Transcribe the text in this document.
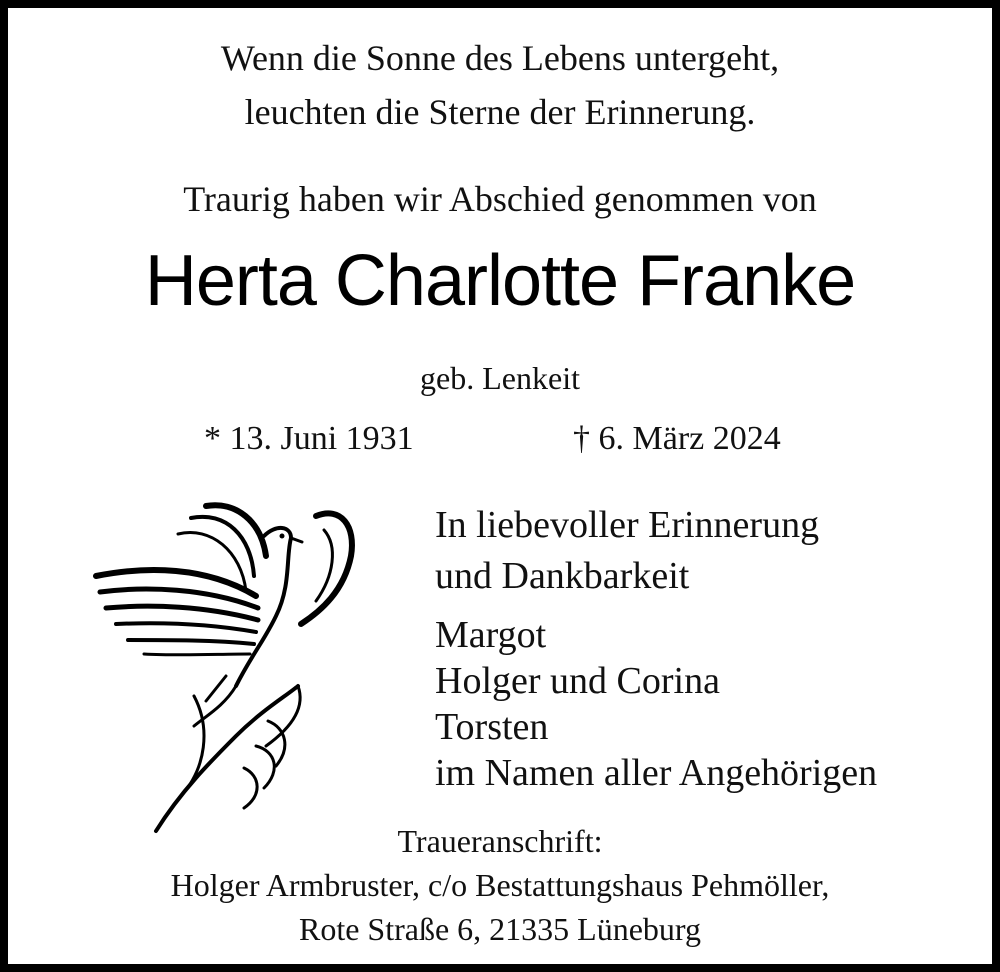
Wenn die Sonne des Lebens untergeht,
leuchten die Sterne der Erinnerung.
Traurig haben wir Abschied genommen von
Herta Charlotte Franke
geb. Lenkeit
* 13. Juni 1931	† 6. März 2024
In liebevoller Erinnerung
und Dankbarkeit
Margot
Holger und Corina
Torsten
im Namen aller Angehörigen
Traueranschrift:
Holger Armbruster, c/o Bestattungshaus Pehmöller,
Rote Straße 6, 21335 Lüneburg
